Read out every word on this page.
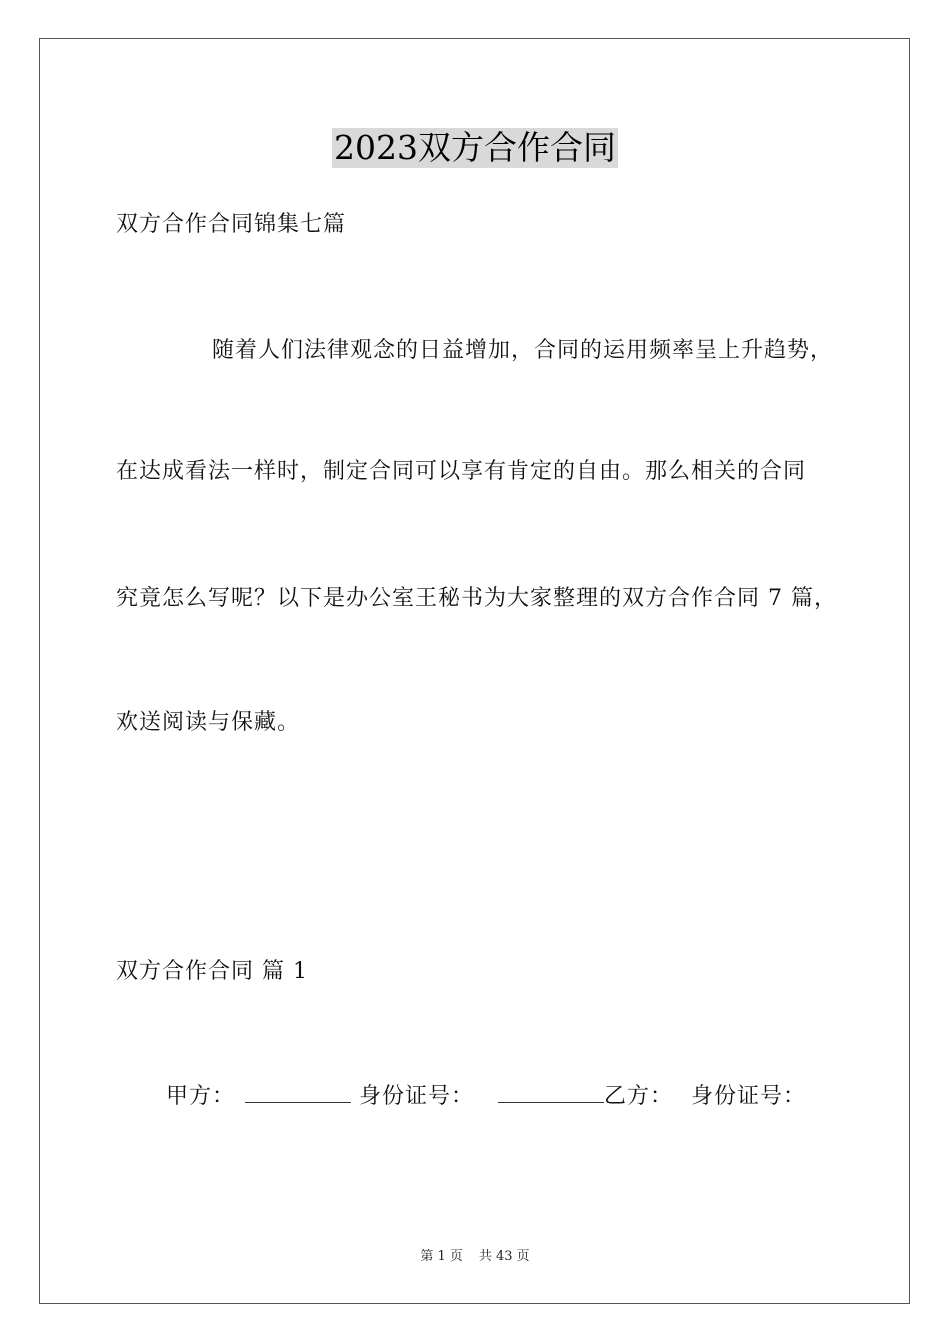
2023双方合作合同
双方合作合同锦集七篇
随着人们法律观念的日益增加，合同的运用频率呈上升趋势，
在达成看法一样时，制定合同可以享有肯定的自由。那么相关的合同
究竟怎么写呢？以下是办公室王秘书为大家整理的双方合作合同 7 篇，
欢送阅读与保藏。
双方合作合同 篇 1
甲方：	身份证号：	乙方： 身份证号：
第 1 页 共 43 页
